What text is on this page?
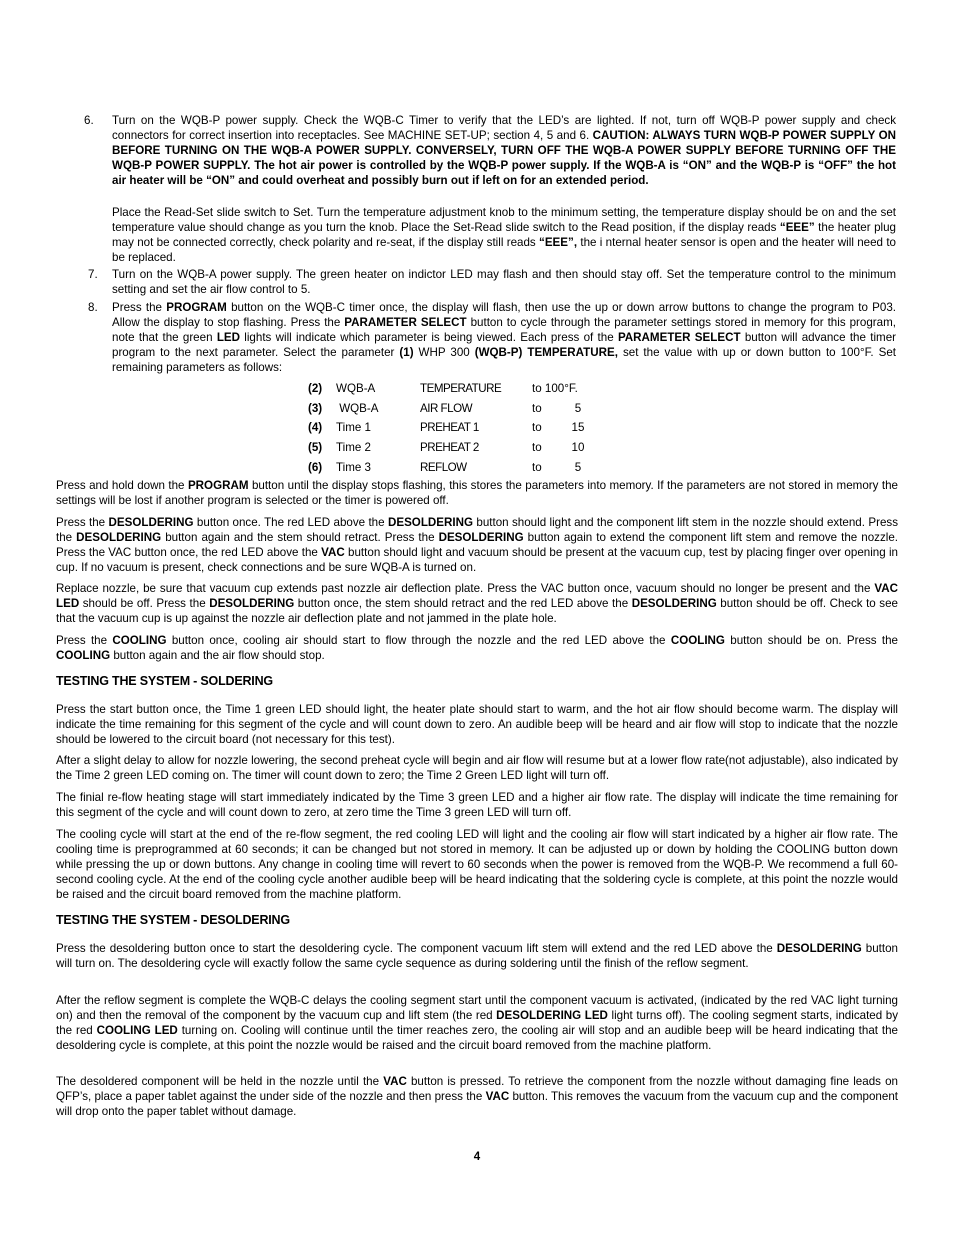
6. Turn on the WQB-P power supply. Check the WQB-C Timer to verify that the LED’s are lighted. If not, turn off WQB-P power supply and check connectors for correct insertion into receptacles. See MACHINE SET-UP; section 4, 5 and 6. CAUTION: ALWAYS TURN WQB-P POWER SUPPLY ON BEFORE TURNING ON THE WQB-A POWER SUPPLY. CONVERSELY, TURN OFF THE WQB-A POWER SUPPLY BEFORE TURNING OFF THE WQB-P POWER SUPPLY. The hot air power is controlled by the WQB-P power supply. If the WQB-A is “ON” and the WQB-P is “OFF” the hot air heater will be “ON” and could overheat and possibly burn out if left on for an extended period.
Place the Read-Set slide switch to Set. Turn the temperature adjustment knob to the minimum setting, the temperature display should be on and the set temperature value should change as you turn the knob. Place the Set-Read slide switch to the Read position, if the display reads “EEE” the heater plug may not be connected correctly, check polarity and re-seat, if the display still reads “EEE”, the i nternal heater sensor is open and the heater will need to be replaced.
7. Turn on the WQB-A power supply. The green heater on indictor LED may flash and then should stay off. Set the temperature control to the minimum setting and set the air flow control to 5.
8. Press the PROGRAM button on the WQB-C timer once, the display will flash, then use the up or down arrow buttons to change the program to P03. Allow the display to stop flashing. Press the PARAMETER SELECT button to cycle through the parameter settings stored in memory for this program, note that the green LED lights will indicate which parameter is being viewed. Each press of the PARAMETER SELECT button will advance the timer program to the next parameter. Select the parameter (1) WHP 300 (WQB-P) TEMPERATURE, set the value with up or down button to 100°F. Set remaining parameters as follows:
(2)	WQB-A	TEMPERATURE	to 100°F.	
(3)	WQB-A	AIR FLOW	to	5
(4)	Time 1	PREHEAT 1	to	15
(5)	Time 2	PREHEAT 2	to	10
(6)	Time 3	REFLOW	to	5
Press and hold down the PROGRAM button until the display stops flashing, this stores the parameters into memory. If the parameters are not stored in memory the settings will be lost if another program is selected or the timer is powered off.
Press the DESOLDERING button once. The red LED above the DESOLDERING button should light and the component lift stem in the nozzle should extend. Press the DESOLDERING button again and the stem should retract. Press the DESOLDERING button again to extend the component lift stem and remove the nozzle. Press the VAC button once, the red LED above the VAC button should light and vacuum should be present at the vacuum cup, test by placing finger over opening in cup. If no vacuum is present, check connections and be sure WQB-A is turned on.
Replace nozzle, be sure that vacuum cup extends past nozzle air deflection plate. Press the VAC button once, vacuum should no longer be present and the VAC LED should be off. Press the DESOLDERING button once, the stem should retract and the red LED above the DESOLDERING button should be off. Check to see that the vacuum cup is up against the nozzle air deflection plate and not jammed in the plate hole.
Press the COOLING button once, cooling air should start to flow through the nozzle and the red LED above the COOLING button should be on. Press the COOLING button again and the air flow should stop.
TESTING THE SYSTEM - SOLDERING
Press the start button once, the Time 1 green LED should light, the heater plate should start to warm, and the hot air flow should become warm. The display will indicate the time remaining for this segment of the cycle and will count down to zero. An audible beep will be heard and air flow will stop to indicate that the nozzle should be lowered to the circuit board (not necessary for this test).
After a slight delay to allow for nozzle lowering, the second preheat cycle will begin and air flow will resume but at a lower flow rate(not adjustable), also indicated by the Time 2 green LED coming on. The timer will count down to zero; the Time 2 Green LED light will turn off.
The finial re-flow heating stage will start immediately indicated by the Time 3 green LED and a higher air flow rate. The display will indicate the time remaining for this segment of the cycle and will count down to zero, at zero time the Time 3 green LED will turn off.
The cooling cycle will start at the end of the re-flow segment, the red cooling LED will light and the cooling air flow will start indicated by a higher air flow rate. The cooling time is preprogrammed at 60 seconds; it can be changed but not stored in memory. It can be adjusted up or down by holding the COOLING button down while pressing the up or down buttons. Any change in cooling time will revert to 60 seconds when the power is removed from the WQB-P. We recommend a full 60-second cooling cycle. At the end of the cooling cycle another audible beep will be heard indicating that the soldering cycle is complete, at this point the nozzle would be raised and the circuit board removed from the machine platform.
TESTING THE SYSTEM - DESOLDERING
Press the desoldering button once to start the desoldering cycle. The component vacuum lift stem will extend and the red LED above the DESOLDERING button will turn on. The desoldering cycle will exactly follow the same cycle sequence as during soldering until the finish of the reflow segment.
After the reflow segment is complete the WQB-C delays the cooling segment start until the component vacuum is activated, (indicated by the red VAC light turning on) and then the removal of the component by the vacuum cup and lift stem (the red DESOLDERING LED light turns off). The cooling segment starts, indicated by the red COOLING LED turning on. Cooling will continue until the timer reaches zero, the cooling air will stop and an audible beep will be heard indicating that the desoldering cycle is complete, at this point the nozzle would be raised and the circuit board removed from the machine platform.
The desoldered component will be held in the nozzle until the VAC button is pressed. To retrieve the component from the nozzle without damaging fine leads on QFP’s, place a paper tablet against the under side of the nozzle and then press the VAC button. This removes the vacuum from the vacuum cup and the component will drop onto the paper tablet without damage.
4
